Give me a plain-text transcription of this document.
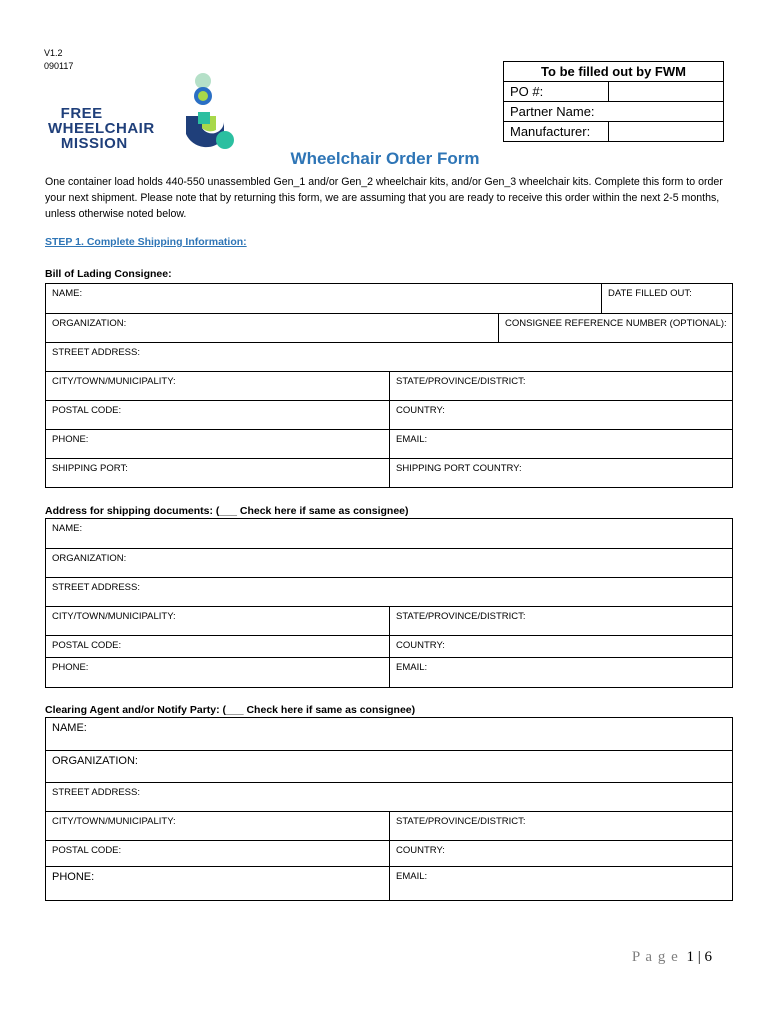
V1.2
090117
FREE
WHEELCHAIR
MISSION
To be filled out by FWM	
PO #:	
Partner Name:	
Manufacturer:	
Wheelchair Order Form
One container load holds 440-550 unassembled Gen_1 and/or Gen_2 wheelchair kits, and/or Gen_3 wheelchair kits. Complete this form to order your next shipment. Please note that by returning this form, we are assuming that you are ready to receive this order within the next 2-5 months, unless otherwise noted below.
STEP 1. Complete Shipping Information:
Bill of Lading Consignee:
NAME:	DATE FILLED OUT:
ORGANIZATION:	CONSIGNEE REFERENCE NUMBER (OPTIONAL):
STREET ADDRESS:
CITY/TOWN/MUNICIPALITY:	STATE/PROVINCE/DISTRICT:
POSTAL CODE:	COUNTRY:
PHONE:	EMAIL:
SHIPPING PORT:	SHIPPING PORT COUNTRY:
Address for shipping documents: (___ Check here if same as consignee)
NAME:
ORGANIZATION:
STREET ADDRESS:
CITY/TOWN/MUNICIPALITY:	STATE/PROVINCE/DISTRICT:
POSTAL CODE:	COUNTRY:
PHONE:	EMAIL:
Clearing Agent and/or Notify Party: (___ Check here if same as consignee)
NAME:
ORGANIZATION:
STREET ADDRESS:
CITY/TOWN/MUNICIPALITY:	STATE/PROVINCE/DISTRICT:
POSTAL CODE:	COUNTRY:
PHONE:	EMAIL:
P a g e 1 | 6
